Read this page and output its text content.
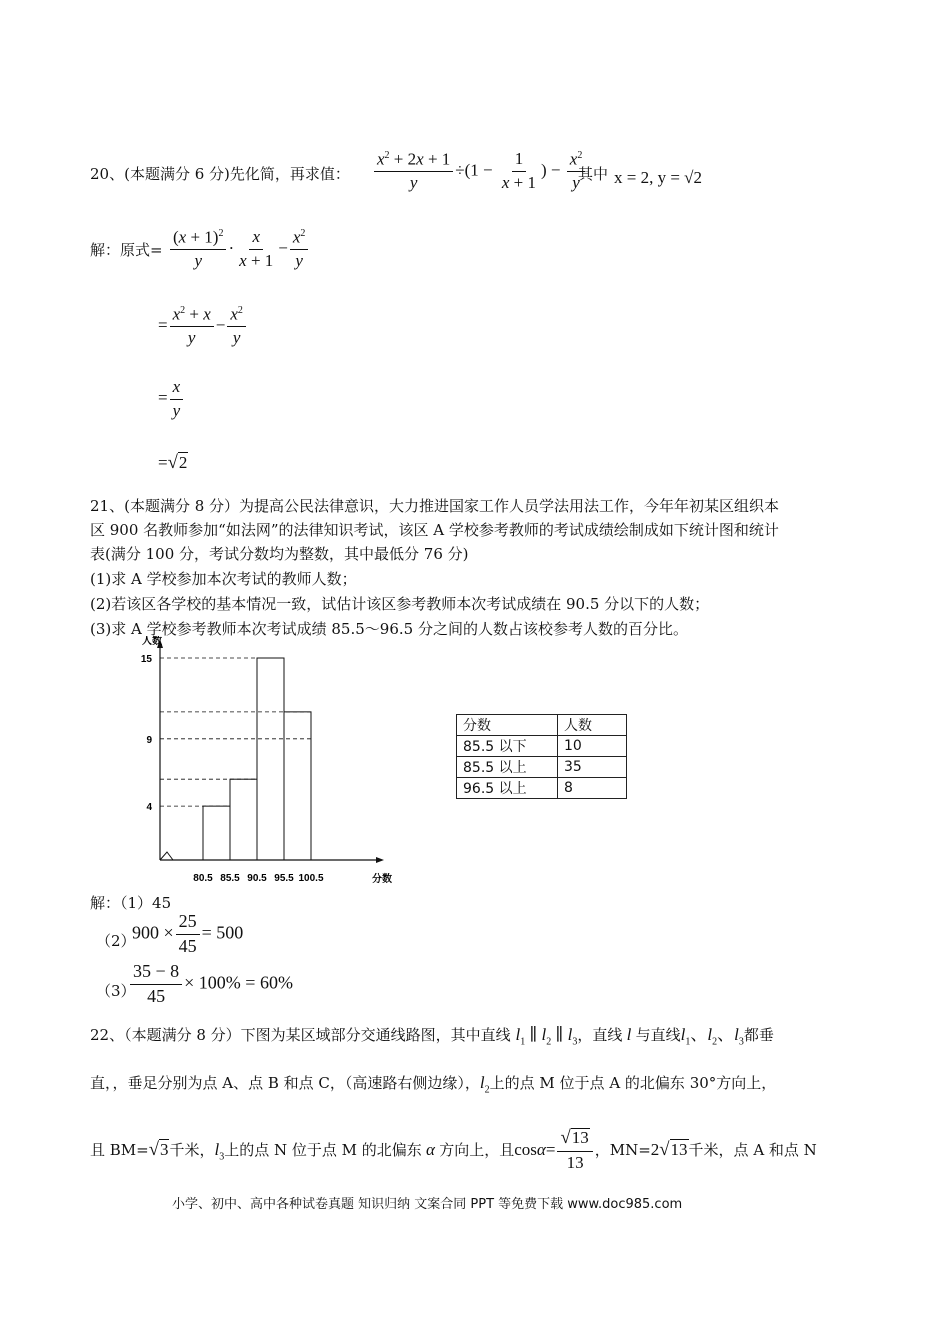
20、(本题满分 6 分)先化简，再求值： $\frac{x^2 + 2x + 1}{y} \div(1 - \frac{1}{x + 1}$ ) − $\frac{x^2}{y}$
其中 x = 2, y = √2
解：原式= $\frac{(x + 1)^2}{y} \cdot \frac{x}{x + 1} - \frac{x^2}{y}$
= $\frac{x^2 + x}{y} - \frac{x^2}{y}$
= $\frac{x}{y}$
= √ 2
21、(本题满分 8 分）为提高公民法律意识，大力推进国家工作人员学法用法工作，今年年初某区组织本
区 900 名教师参加“如法网”的法律知识考试，该区 A 学校参考教师的考试成绩绘制成如下统计图和统计
表(满分 100 分，考试分数均为整数，其中最低分 76 分)
(1)求 A 学校参加本次考试的教师人数；
(2)若该区各学校的基本情况一致，试估计该区参考教师本次考试成绩在 90.5 分以下的人数；
(3)求 A 学校参考教师本次考试成绩 85.5～96.5 分之间的人数占该校参考人数的百分比。
4
9
15
80.5 85.5 90.5 95.5 100.5
人数
分数
分数	人数
85.5 以下	10
85.5 以上	35
96.5 以上	8
解：（1）45
（2）
$900 \times \frac{25}{45} = 500$
（3）
$\frac{35 - 8}{45} \times 100\% = 60\%$
22、（本题满分 8 分）下图为某区域部分交通线路图，其中直线 $l_1$ ∥ $l_2$ ∥ $l_3$，直线 l 与直线$l_1$、$l_2$、$l_3$都垂
直，，垂足分别为点 A、点 B 和点 C，（高速路右侧边缘），$l_2$上的点 M 位于点 A 的北偏东 30°方向上，
且 BM= √ 3 千米，$l_3$上的点 N 位于点 M 的北偏东 α 方向上，且$\cos \alpha = \frac{√ 13}{13}$ ，MN=2 √ 13 千米，点 A 和点 N
小学、初中、高中各种试卷真题 知识归纳 文案合同 PPT 等免费下载 www.doc985.com
